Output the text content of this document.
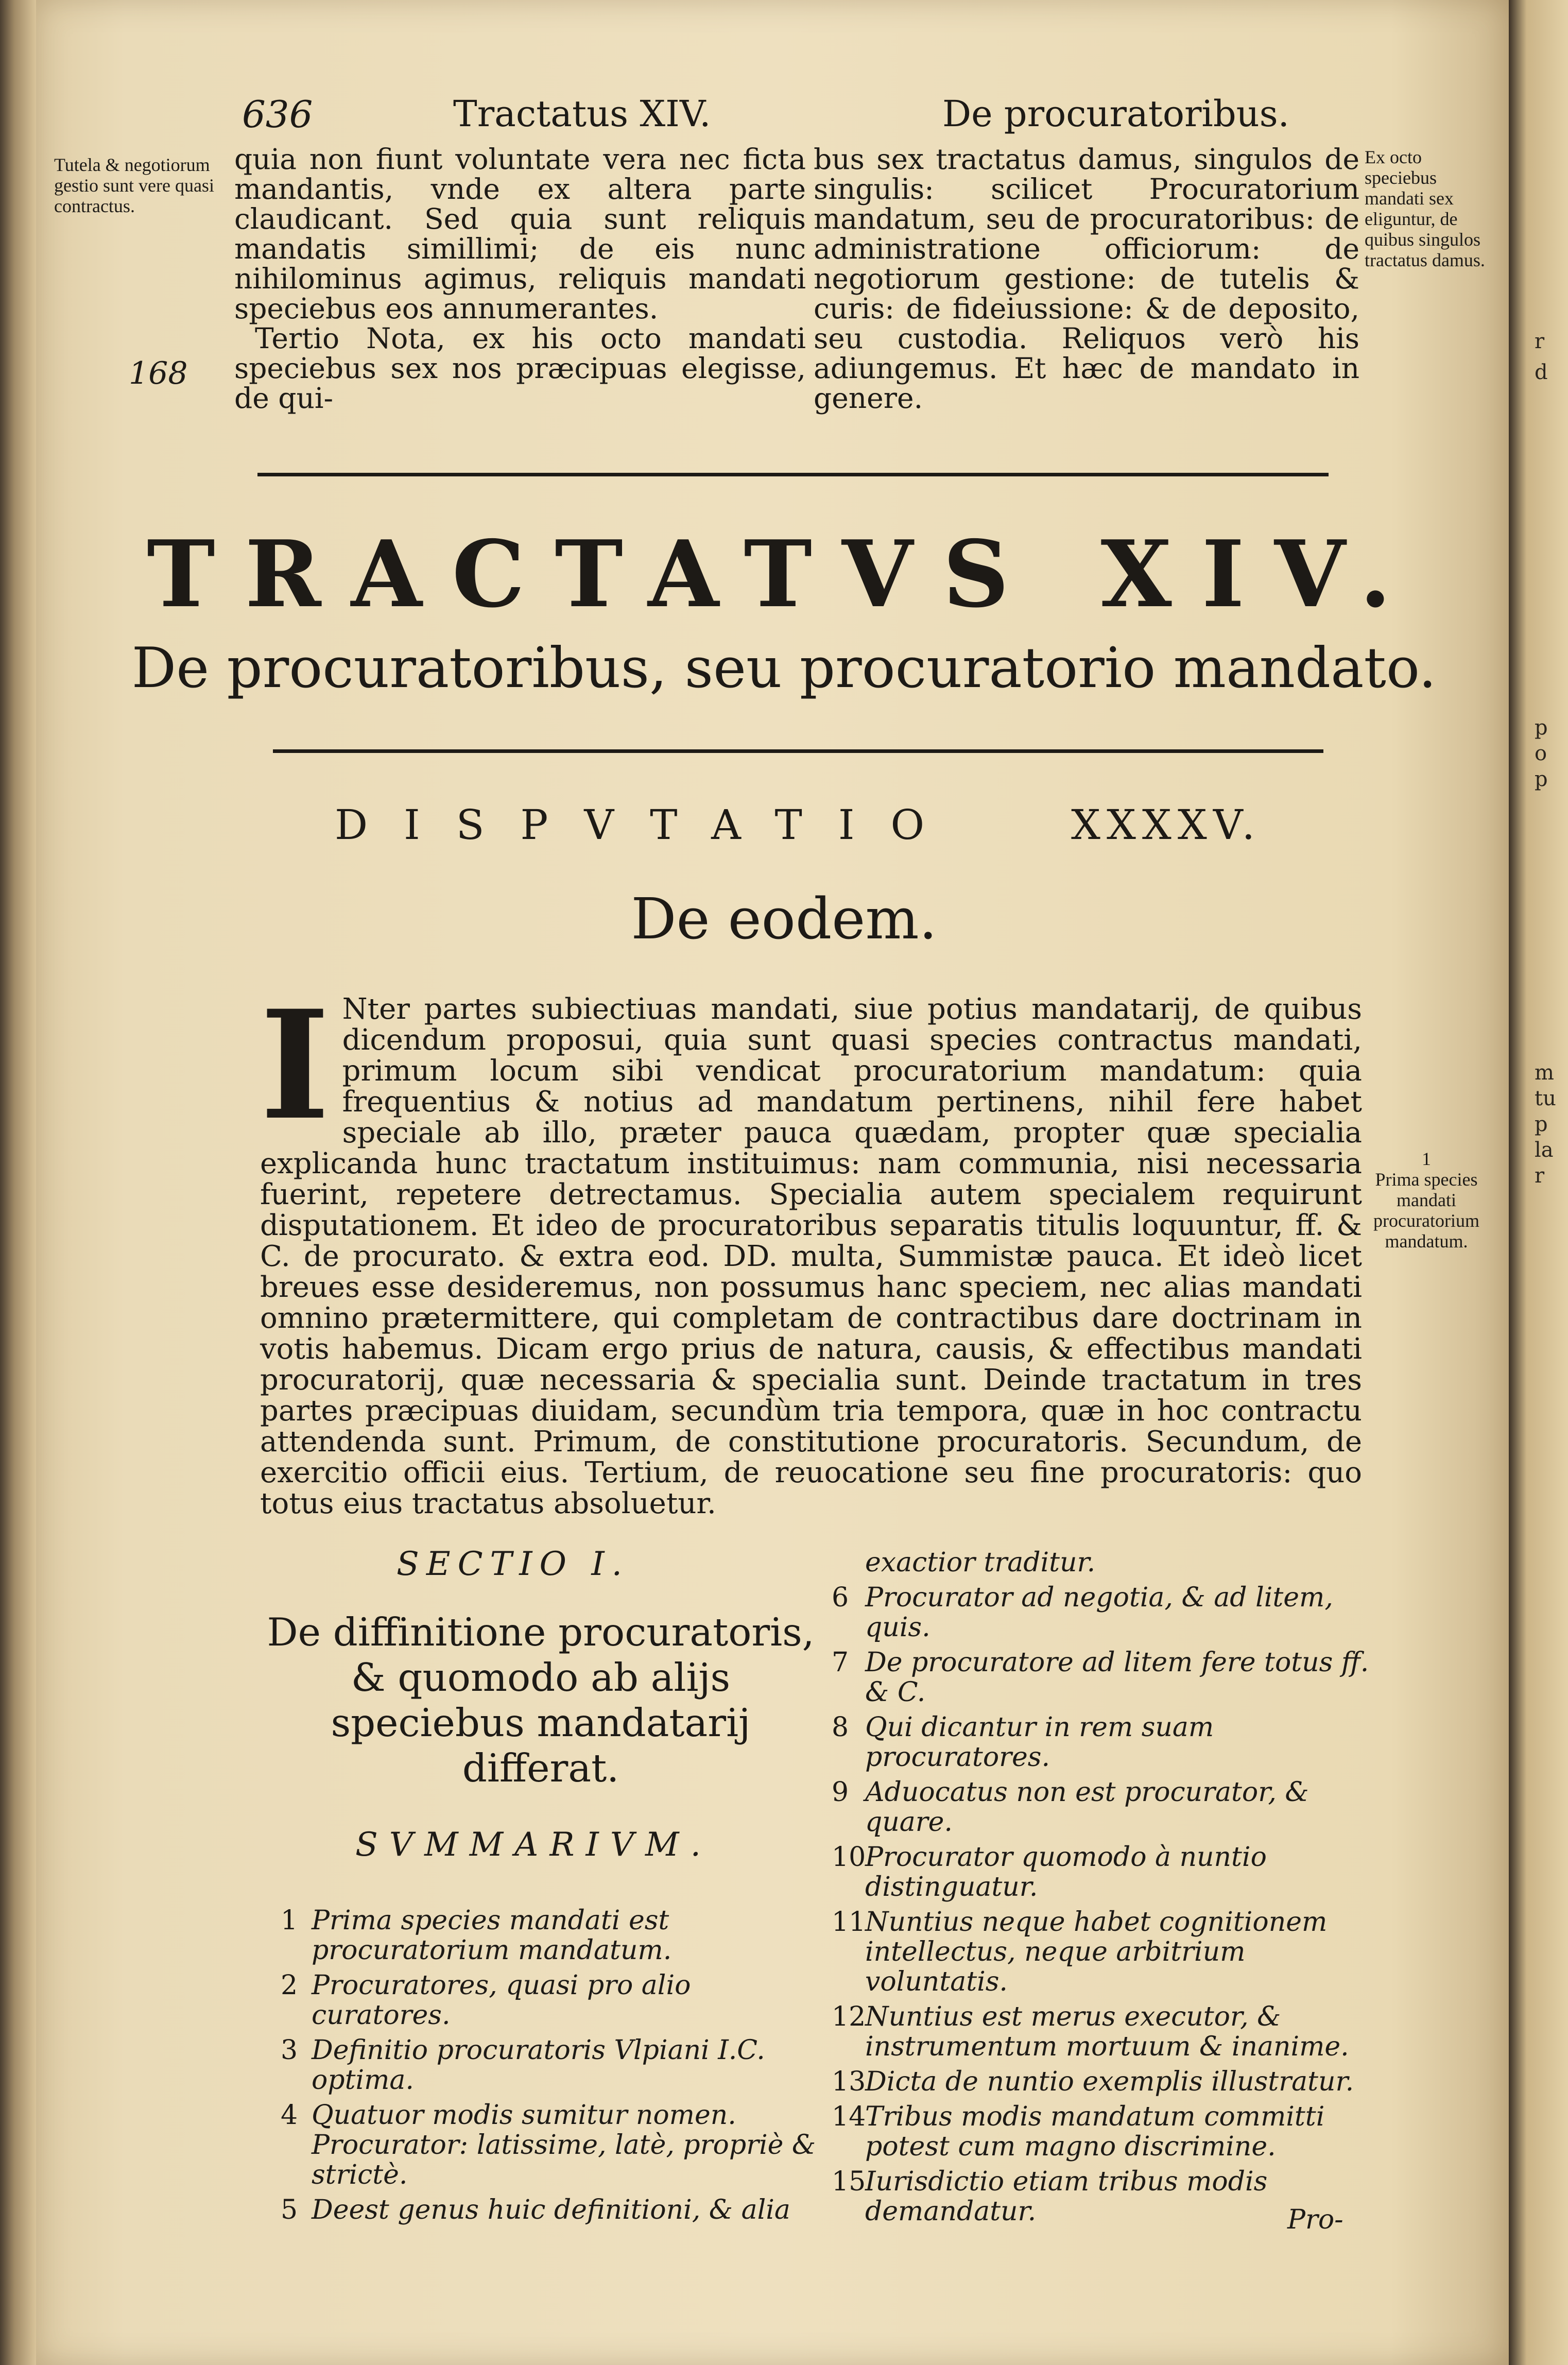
r
d
p
o
p
m
tu
p
la
r
636	Tractatus XIV.	De procuratoribus.
Tutela & negotiorum gestio sunt vere quasi contractus.
168
Ex octo speciebus mandati sex eliguntur, de quibus singulos tractatus damus.
1
Prima species mandati procuratorium mandatum.

quia non fiunt voluntate vera nec ficta mandantis, vnde ex altera parte claudicant. Sed quia sunt reliquis mandatis simillimi; de eis nunc nihilominus agimus, reliquis mandati speciebus eos annumerantes.

Tertio Nota, ex his octo mandati speciebus sex nos præcipuas elegisse, de qui-

bus sex tractatus damus, singulos de singulis: scilicet Procuratorium mandatum, seu de procuratoribus: de administratione officiorum: de negotiorum gestione: de tutelis & curis: de fideiussione: & de deposito, seu custodia. Reliquos verò his adiungemus. Et hæc de mandato in genere.

TRACTATVS XIV.
De procuratoribus, seu procuratorio mandato.
DISPVTATIO	XXXXV.
De eodem.
I Nter partes subiectiuas mandati, siue potius mandatarij, de quibus dicendum proposui, quia sunt quasi species contractus mandati, primum locum sibi vendicat procuratorium mandatum: quia frequentius & notius ad mandatum pertinens, nihil fere habet speciale ab illo, præter pauca quædam, propter quæ specialia explicanda hunc tractatum instituimus: nam communia, nisi necessaria fuerint, repetere detrectamus. Specialia autem specialem requirunt disputationem. Et ideo de procuratoribus separatis titulis loquuntur, ff. & C. de procurato. & extra eod. DD. multa, Summistæ pauca. Et ideò licet breues esse desideremus, non possumus hanc speciem, nec alias mandati omnino prætermittere, qui completam de contractibus dare doctrinam in votis habemus. Dicam ergo prius de natura, causis, & effectibus mandati procuratorij, quæ necessaria & specialia sunt. Deinde tractatum in tres partes præcipuas diuidam, secundùm tria tempora, quæ in hoc contractu attendenda sunt. Primum, de constitutione procuratoris. Secundum, de exercitio officii eius. Tertium, de reuocatione seu fine procuratoris: quo totus eius tractatus absoluetur.
SECTIO I.
De diffinitione procuratoris, & quomodo ab alijs speciebus mandatarij differat.
SVMMARIVM.
1 Prima species mandati est procuratorium mandatum.
2 Procuratores, quasi pro alio curatores.
3 Definitio procuratoris Vlpiani I.C. optima.
4 Quatuor modis sumitur nomen. Procurator: latissime, latè, propriè & strictè.
5 Deest genus huic definitioni, & alia
exactior traditur.
6 Procurator ad negotia, & ad litem, quis.
7 De procuratore ad litem fere totus ff. & C.
8 Qui dicantur in rem suam procuratores.
9 Aduocatus non est procurator, & quare.
10
Procurator quomodo à nuntio distinguatur.
11
Nuntius neque habet cognitionem intellectus, neque arbitrium voluntatis.
12
Nuntius est merus executor, & instrumentum mortuum & inanime.
13
Dicta de nuntio exemplis illustratur.
14
Tribus modis mandatum committi potest cum magno discrimine.
15
Iurisdictio etiam tribus modis demandatur.	Pro-
